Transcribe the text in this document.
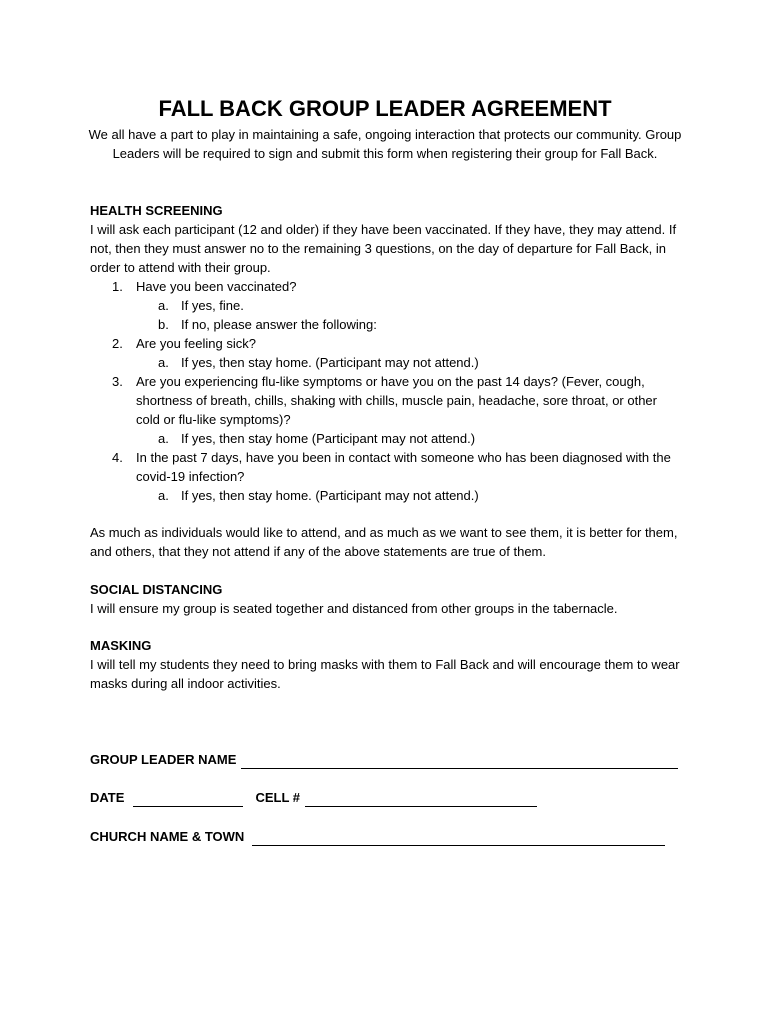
FALL BACK GROUP LEADER AGREEMENT
We all have a part to play in maintaining a safe, ongoing interaction that protects our community. Group Leaders will be required to sign and submit this form when registering their group for Fall Back.
HEALTH SCREENING

I will ask each participant (12 and older) if they have been vaccinated. If they have, they may attend. If not, then they must answer no to the remaining 3 questions, on the day of departure for Fall Back, in order to attend with their group.

1. Have you been vaccinated?
a. If yes, fine.
b. If no, please answer the following:
2. Are you feeling sick?
a. If yes, then stay home. (Participant may not attend.)
3. Are you experiencing flu-like symptoms or have you on the past 14 days? (Fever, cough, shortness of breath, chills, shaking with chills, muscle pain, headache, sore throat, or other cold or flu-like symptoms)?
a. If yes, then stay home (Participant may not attend.)
4. In the past 7 days, have you been in contact with someone who has been diagnosed with the covid-19 infection?
a. If yes, then stay home. (Participant may not attend.)

As much as individuals would like to attend, and as much as we want to see them, it is better for them, and others, that they not attend if any of the above statements are true of them.

SOCIAL DISTANCING

I will ensure my group is seated together and distanced from other groups in the tabernacle.

MASKING

I will tell my students they need to bring masks with them to Fall Back and will encourage them to wear masks during all indoor activities.

GROUP LEADER NAME
DATE	CELL #
CHURCH NAME & TOWN
